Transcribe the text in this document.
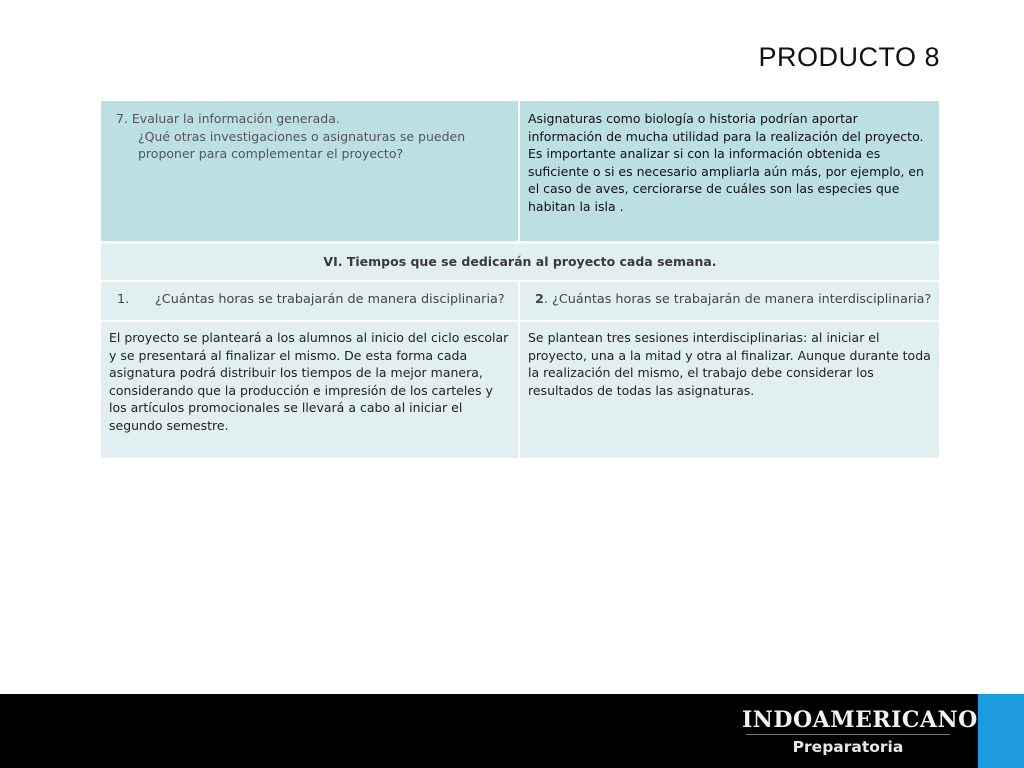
PRODUCTO 8
7. Evaluar la información generada.
¿Qué otras investigaciones o asignaturas se pueden proponer para complementar el proyecto?
Asignaturas como biología o historia podrían aportar información de mucha utilidad para la realización del proyecto.
Es importante analizar si con la información obtenida es suficiente o si es necesario ampliarla aún más, por ejemplo, en el caso de aves, cerciorarse de cuáles son las especies que habitan la isla .
VI. Tiempos que se dedicarán al proyecto cada semana.
1. ¿Cuántas horas se trabajarán de manera disciplinaria?	2. ¿Cuántas horas se trabajarán de manera interdisciplinaria?
El proyecto se planteará a los alumnos al inicio del ciclo escolar y se presentará al finalizar el mismo. De esta forma cada asignatura podrá distribuir los tiempos de la mejor manera, considerando que la producción e impresión de los carteles y los artículos promocionales se llevará a cabo al iniciar el segundo semestre.
Se plantean tres sesiones interdisciplinarias: al iniciar el proyecto, una a la mitad y otra al finalizar. Aunque durante toda la realización del mismo, el trabajo debe considerar los resultados de todas las asignaturas.
INDOAMERICANO
Preparatoria
